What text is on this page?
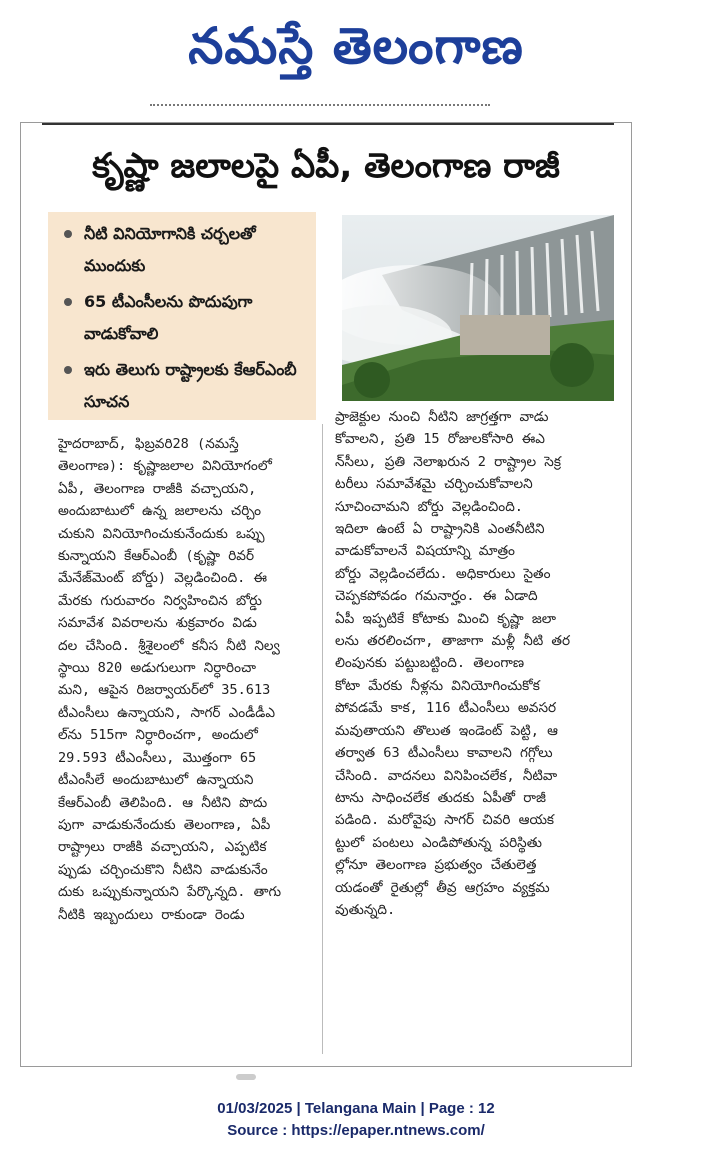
నమస్తే తెలంగాణ
కృష్ణా జలాలపై ఏపీ, తెలంగాణ రాజీ
నీటి వినియోగానికి చర్చలతో ముందుకు
65 టీఎంసీలను పొదుపుగా వాడుకోవాలి
ఇరు తెలుగు రాష్ట్రాలకు కేఆర్‌ఎంబీ సూచన
హైదరాబాద్, ఫిబ్రవరి28 (నమస్తే
తెలంగాణ): కృష్ణాజలాల వినియోగంలో
ఏపీ, తెలంగాణ రాజీకి వచ్చాయని,
అందుబాటులో ఉన్న జలాలను చర్చిం
చుకుని వినియోగించుకునేందుకు ఒప్పు
కున్నాయని కేఆర్ఎంబీ (కృష్ణా రివర్
మేనేజ్‌మెంట్ బోర్డు) వెల్లడించింది. ఈ
మేరకు గురువారం నిర్వహించిన బోర్డు
సమావేశ వివరాలను శుక్రవారం విడు
దల చేసింది. శ్రీశైలంలో కనీస నీటి నిల్వ
స్థాయి 820 అడుగులుగా నిర్ధారించా
మని, ఆపైన రిజర్వాయర్‌లో 35.613
టీఎంసీలు ఉన్నాయని, సాగర్ ఎండీడీఎ
ల్‌ను 515గా నిర్ధారించగా, అందులో
29.593 టీఎంసీలు, మొత్తంగా 65
టీఎంసీలే అందుబాటులో ఉన్నాయని
కేఆర్ఎంబీ తెలిపింది. ఆ నీటిని పొదు
పుగా వాడుకునేందుకు తెలంగాణ, ఏపీ
రాష్ట్రాలు రాజీకి వచ్చాయని, ఎప్పటిక
ప్పుడు చర్చించుకొని నీటిని వాడుకునేం
దుకు ఒప్పుకున్నాయని పేర్కొన్నది. తాగు
నీటికి ఇబ్బందులు రాకుండా రెండు
ప్రాజెక్టుల నుంచి నీటిని జాగ్రత్తగా వాడు
కోవాలని, ప్రతి 15 రోజులకోసారి ఈఎ
న్‌సీలు, ప్రతి నెలాఖరున 2 రాష్ట్రాల సెక్ర
టరీలు సమావేశమై చర్చించుకోవాలని
సూచించామని బోర్డు వెల్లడించింది.
ఇదిలా ఉంటే ఏ రాష్ట్రానికి ఎంతనీటిని
వాడుకోవాలనే విషయాన్ని మాత్రం
బోర్డు వెల్లడించలేదు. అధికారులు సైతం
చెప్పకపోవడం గమనార్హం. ఈ ఏడాది
ఏపీ ఇప్పటికే కోటాకు మించి కృష్ణా జలా
లను తరలించగా, తాజాగా మళ్లీ నీటి తర
లింపునకు పట్టుబట్టింది. తెలంగాణ
కోటా మేరకు నీళ్లను వినియోగించుకోక
పోవడమే కాక, 116 టీఎంసీలు అవసర
మవుతాయని తొలుత ఇండెంట్ పెట్టి, ఆ
తర్వాత 63 టీఎంసీలు కావాలని గగ్గోలు
చేసింది. వాదనలు వినిపించలేక, నీటివా
టాను సాధించలేక తుదకు ఏపీతో రాజీ
పడింది. మరోవైపు సాగర్ చివరి ఆయక
ట్టులో పంటలు ఎండిపోతున్న పరిస్థితు
ల్లోనూ తెలంగాణ ప్రభుత్వం చేతులెత్త
యడంతో రైతుల్లో తీవ్ర ఆగ్రహం వ్యక్తమ
వుతున్నది.
01/03/2025 | Telangana Main | Page : 12
Source : https://epaper.ntnews.com/
